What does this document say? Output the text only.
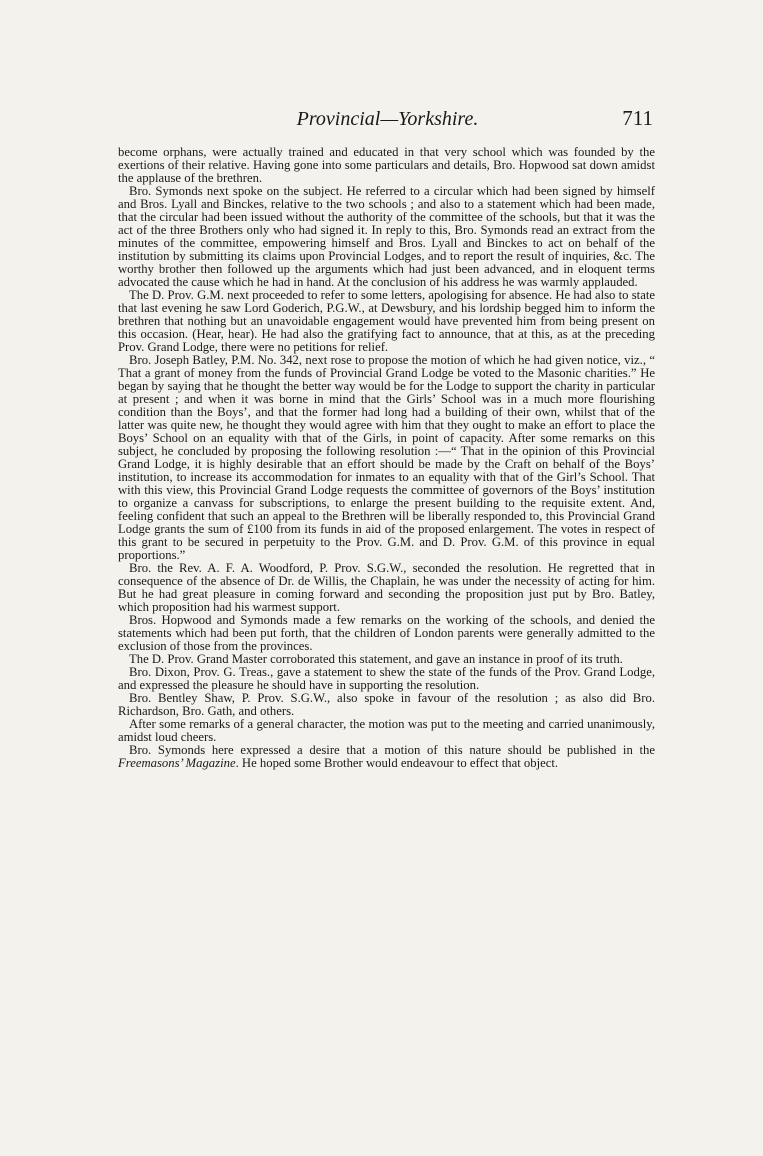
Provincial—Yorkshire.	711

become orphans, were actually trained and educated in that very school which was founded by the exertions of their relative. Having gone into some particulars and details, Bro. Hopwood sat down amidst the applause of the brethren.

Bro. Symonds next spoke on the subject. He referred to a circular which had been signed by himself and Bros. Lyall and Binckes, relative to the two schools ; and also to a statement which had been made, that the circular had been issued without the authority of the committee of the schools, but that it was the act of the three Brothers only who had signed it. In reply to this, Bro. Symonds read an extract from the minutes of the committee, empowering himself and Bros. Lyall and Binckes to act on behalf of the institution by submitting its claims upon Provincial Lodges, and to report the result of inquiries, &c. The worthy brother then followed up the arguments which had just been advanced, and in eloquent terms advocated the cause which he had in hand. At the conclusion of his address he was warmly applauded.

The D. Prov. G.M. next proceeded to refer to some letters, apologising for absence. He had also to state that last evening he saw Lord Goderich, P.G.W., at Dewsbury, and his lordship begged him to inform the brethren that nothing but an unavoidable engagement would have prevented him from being present on this occasion. (Hear, hear). He had also the gratifying fact to announce, that at this, as at the preceding Prov. Grand Lodge, there were no petitions for relief.

Bro. Joseph Batley, P.M. No. 342, next rose to propose the motion of which he had given notice, viz., “ That a grant of money from the funds of Provincial Grand Lodge be voted to the Masonic charities.” He began by saying that he thought the better way would be for the Lodge to support the charity in particular at present ; and when it was borne in mind that the Girls’ School was in a much more flourishing condition than the Boys’, and that the former had long had a building of their own, whilst that of the latter was quite new, he thought they would agree with him that they ought to make an effort to place the Boys’ School on an equality with that of the Girls, in point of capacity. After some remarks on this subject, he concluded by proposing the following resolution :—“ That in the opinion of this Provincial Grand Lodge, it is highly desirable that an effort should be made by the Craft on behalf of the Boys’ institution, to increase its accommodation for inmates to an equality with that of the Girl’s School. That with this view, this Provincial Grand Lodge requests the committee of governors of the Boys’ institution to organize a canvass for subscriptions, to enlarge the present building to the requisite extent. And, feeling confident that such an appeal to the Brethren will be liberally responded to, this Provincial Grand Lodge grants the sum of £100 from its funds in aid of the proposed enlargement. The votes in respect of this grant to be secured in perpetuity to the Prov. G.M. and D. Prov. G.M. of this province in equal proportions.”

Bro. the Rev. A. F. A. Woodford, P. Prov. S.G.W., seconded the resolution. He regretted that in consequence of the absence of Dr. de Willis, the Chaplain, he was under the necessity of acting for him. But he had great pleasure in coming forward and seconding the proposition just put by Bro. Batley, which proposition had his warmest support.

Bros. Hopwood and Symonds made a few remarks on the working of the schools, and denied the statements which had been put forth, that the children of London parents were generally admitted to the exclusion of those from the provinces.

The D. Prov. Grand Master corroborated this statement, and gave an instance in proof of its truth.

Bro. Dixon, Prov. G. Treas., gave a statement to shew the state of the funds of the Prov. Grand Lodge, and expressed the pleasure he should have in supporting the resolution.

Bro. Bentley Shaw, P. Prov. S.G.W., also spoke in favour of the resolution ; as also did Bro. Richardson, Bro. Gath, and others.

After some remarks of a general character, the motion was put to the meeting and carried unanimously, amidst loud cheers.

Bro. Symonds here expressed a desire that a motion of this nature should be published in the Freemasons’ Magazine. He hoped some Brother would endeavour to effect that object.
